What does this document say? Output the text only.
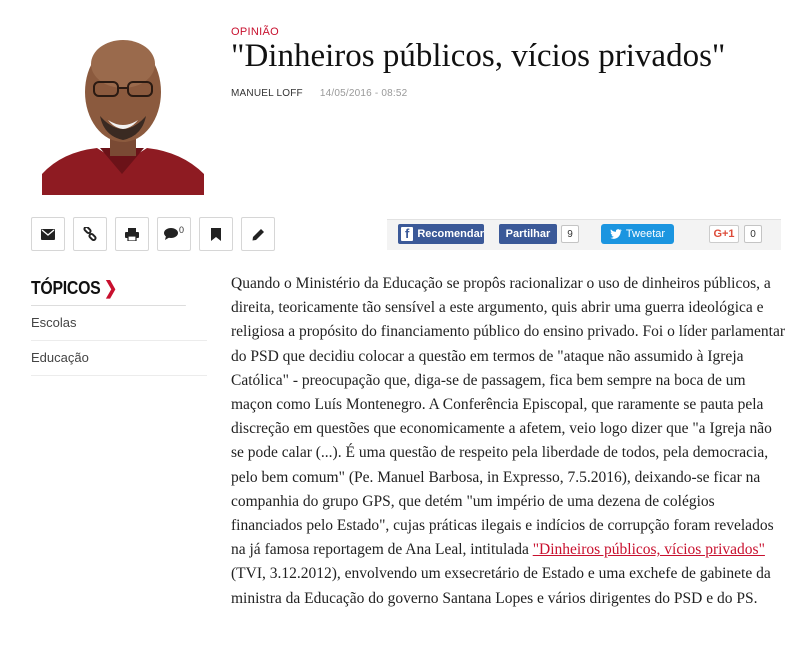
OPINIÃO
"Dinheiros públicos, vícios privados"
MANUEL LOFF 14/05/2016 - 08:52
0	f Recomendar Partilhar	9	Tweetar	G+1	0
TÓPICOS ❯
Escolas
Educação

Quando o Ministério da Educação se propôs racionalizar o uso de dinheiros públicos, a direita, teoricamente tão sensível a este argumento, quis abrir uma guerra ideológica e religiosa a propósito do financiamento público do ensino privado. Foi o líder parlamentar do PSD que decidiu colocar a questão em termos de "ataque não assumido à Igreja Católica" - preocupação que, diga-se de passagem, fica bem sempre na boca de um maçon como Luís Montenegro. A Conferência Episcopal, que raramente se pauta pela discreção em questões que economicamente a afetem, veio logo dizer que "a Igreja não se pode calar (...). É uma questão de respeito pela liberdade de todos, pela democracia, pelo bem comum" (Pe. Manuel Barbosa, in Expresso, 7.5.2016), deixando-se ficar na companhia do grupo GPS, que detém "um império de uma dezena de colégios financiados pelo Estado", cujas práticas ilegais e indícios de corrupção foram revelados na já famosa reportagem de Ana Leal, intitulada "Dinheiros públicos, vícios privados" (TVI, 3.12.2012), envolvendo um exsecretário de Estado e uma exchefe de gabinete da ministra da Educação do governo Santana Lopes e vários dirigentes do PSD e do PS.
